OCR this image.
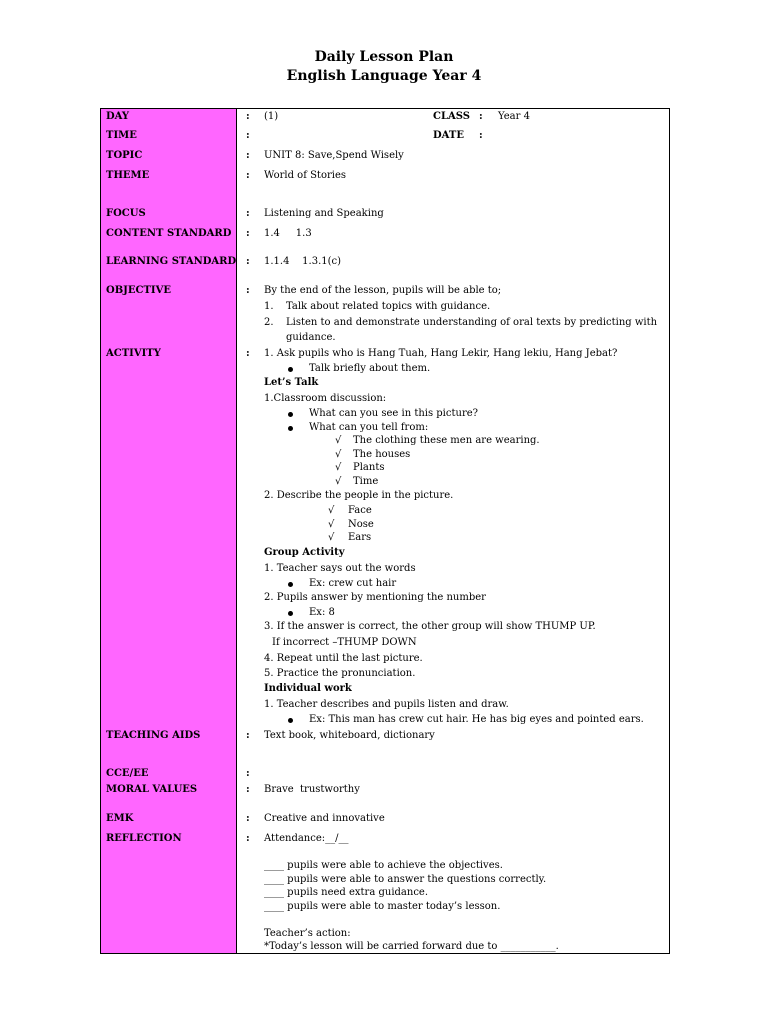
Daily Lesson Plan
English Language Year 4
DAY
TIME
TOPIC
THEME
FOCUS
CONTENT STANDARD
LEARNING STANDARD
OBJECTIVE
ACTIVITY
TEACHING AIDS
CCE/EE
MORAL VALUES
EMK
REFLECTION
:
:
:
:
:
:
:
:
:
:
:
:
:
:
(1)	CLASS : Year 4
DATE :
UNIT 8: Save,Spend Wisely
World of Stories
Listening and Speaking
1.4     1.3
1.1.4    1.3.1(c)
By the end of the lesson, pupils will be able to;
1. Talk about related topics with guidance.
2. Listen to and demonstrate understanding of oral texts by predicting with
guidance.
1. Ask pupils who is Hang Tuah, Hang Lekir, Hang lekiu, Hang Jebat?
Talk briefly about them.
Let’s Talk
1.Classroom discussion:
What can you see in this picture?
What can you tell from:
√ The clothing these men are wearing.
√ The houses
√ Plants
√ Time
2. Describe the people in the picture.
√ Face
√ Nose
√ Ears
Group Activity
1. Teacher says out the words
Ex: crew cut hair
2. Pupils answer by mentioning the number
Ex: 8
3. If the answer is correct, the other group will show THUMP UP.
If incorrect –THUMP DOWN
4. Repeat until the last picture.
5. Practice the pronunciation.
Individual work
1. Teacher describes and pupils listen and draw.
Ex: This man has crew cut hair. He has big eyes and pointed ears.
Text book, whiteboard, dictionary
Brave  trustworthy
Creative and innovative
Attendance:__/__
____ pupils were able to achieve the objectives.
____ pupils were able to answer the questions correctly.
____ pupils need extra guidance.
____ pupils were able to master today’s lesson.
Teacher’s action:
*Today’s lesson will be carried forward due to ___________.
